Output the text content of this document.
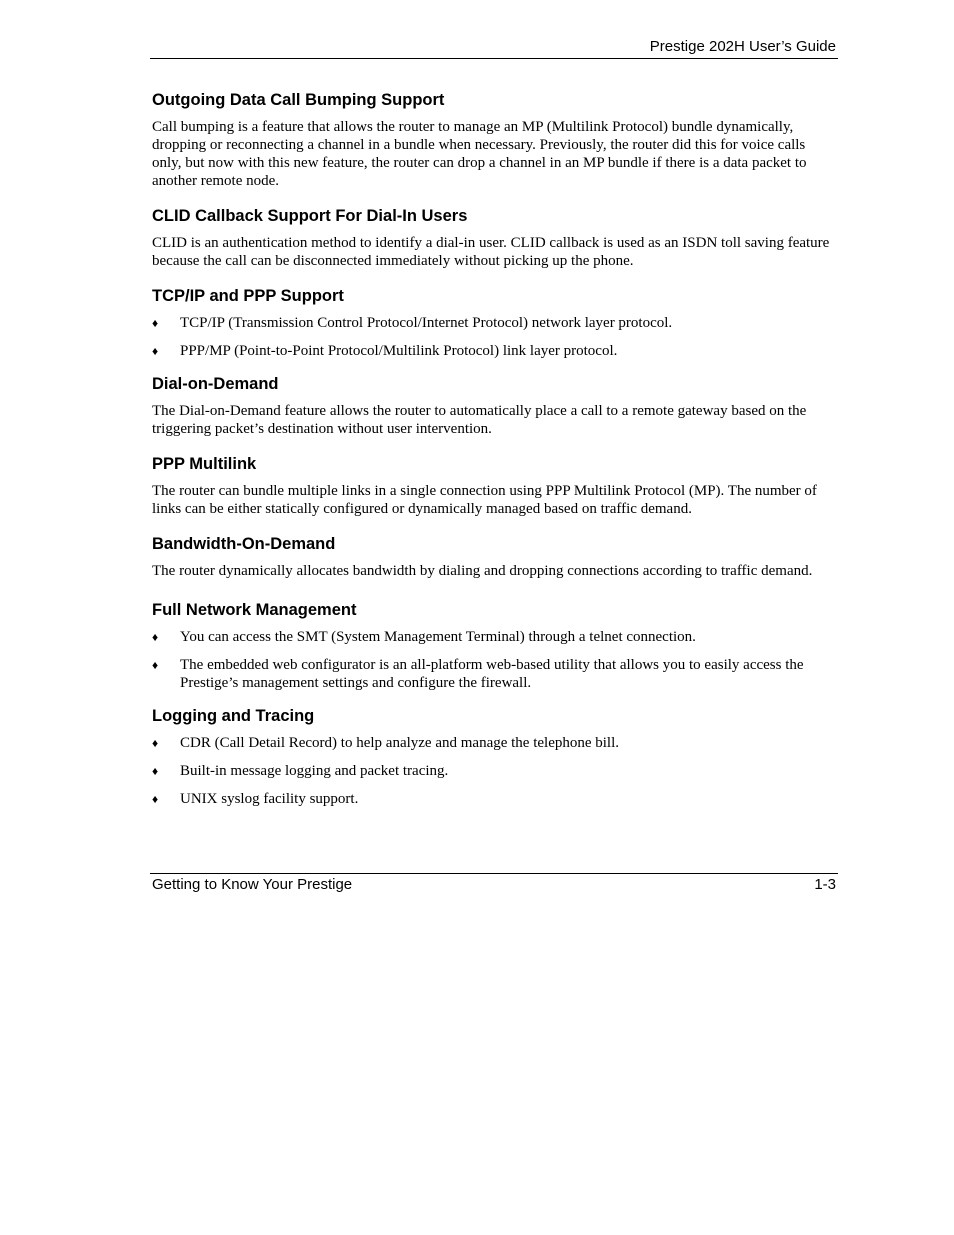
Prestige 202H User’s Guide
Outgoing Data Call Bumping Support

Call bumping is a feature that allows the router to manage an MP (Multilink Protocol) bundle dynamically, dropping or reconnecting a channel in a bundle when necessary. Previously, the router did this for voice calls only, but now with this new feature, the router can drop a channel in an MP bundle if there is a data packet to another remote node.

CLID Callback Support For Dial-In Users

CLID is an authentication method to identify a dial-in user. CLID callback is used as an ISDN toll saving feature because the call can be disconnected immediately without picking up the phone.

TCP/IP and PPP Support
♦ TCP/IP (Transmission Control Protocol/Internet Protocol) network layer protocol.
♦ PPP/MP (Point-to-Point Protocol/Multilink Protocol) link layer protocol.
Dial-on-Demand

The Dial-on-Demand feature allows the router to automatically place a call to a remote gateway based on the triggering packet’s destination without user intervention.

PPP Multilink

The router can bundle multiple links in a single connection using PPP Multilink Protocol (MP). The number of links can be either statically configured or dynamically managed based on traffic demand.

Bandwidth-On-Demand

The router dynamically allocates bandwidth by dialing and dropping connections according to traffic demand.

Full Network Management
♦ You can access the SMT (System Management Terminal) through a telnet connection.
♦ The embedded web configurator is an all-platform web-based utility that allows you to easily access the Prestige’s management settings and configure the firewall.
Logging and Tracing
♦ CDR (Call Detail Record) to help analyze and manage the telephone bill.
♦ Built-in message logging and packet tracing.
♦ UNIX syslog facility support.
Getting to Know Your Prestige	1-3
